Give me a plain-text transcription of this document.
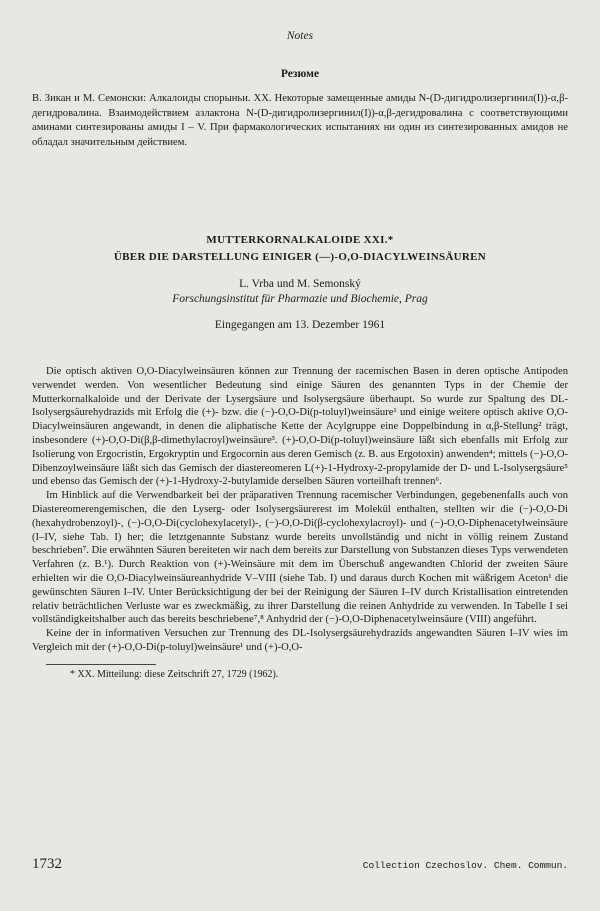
Notes
Резюме

В. Зикан и М. Семонски: Алкалоиды спорыньи. XX. Некоторые замещенные амиды N-(D-дигидролизергинил(I))-α,β-дегидровалина. Взаимодействием азлактона N-(D-дигидролизергинил(I))-α,β-дегидровалина с соответствующими аминами синтезированы амиды I – V. При фармакологических испытаниях ни один из синтезированных амидов не обладал значительным действием.

MUTTERKORNALKALOIDE XXI.*
ÜBER DIE DARSTELLUNG EINIGER (—)-O,O-DIACYLWEINSÄUREN
L. Vrba und M. Semonský
Forschungsinstitut für Pharmazie und Biochemie, Prag
Eingegangen am 13. Dezember 1961

Die optisch aktiven O,O-Diacylweinsäuren können zur Trennung der racemischen Basen in deren optische Antipoden verwendet werden. Von wesentlicher Bedeutung sind einige Säuren des genannten Typs in der Chemie der Mutterkornalkaloide und der Derivate der Lysergsäure und Isolysergsäure überhaupt. So wurde zur Spaltung des DL-Isolysergsäurehydrazids mit Erfolg die (+)- bzw. die (−)-O,O-Di(p-toluyl)weinsäure¹ und einige weitere optisch aktive O,O-Diacylweinsäuren angewandt, in denen die aliphatische Kette der Acylgruppe eine Doppelbindung in α,β-Stellung² trägt, insbesondere (+)-O,O-Di(β,β-dimethylacroyl)weinsäure³. (+)-O,O-Di(p-toluyl)weinsäure läßt sich ebenfalls mit Erfolg zur Isolierung von Ergocristin, Ergokryptin und Ergocornin aus deren Gemisch (z. B. aus Ergotoxin) anwenden⁴; mittels (−)-O,O-Dibenzoylweinsäure läßt sich das Gemisch der diastereomeren L(+)-1-Hydroxy-2-propylamide der D- und L-Isolysergsäure⁵ und ebenso das Gemisch der (+)-1-Hydroxy-2-butylamide derselben Säuren vorteilhaft trennen⁶.

Im Hinblick auf die Verwendbarkeit bei der präparativen Trennung racemischer Verbindungen, gegebenenfalls auch von Diastereomerengemischen, die den Lyserg- oder Isolysergsäurerest im Molekül enthalten, stellten wir die (−)-O,O-Di (hexahydrobenzoyl)-, (−)-O,O-Di(cyclohexylacetyl)-, (−)-O,O-Di(β-cyclohexylacroyl)- und (−)-O,O-Diphenacetylweinsäure (I–IV, siehe Tab. I) her; die letztgenannte Substanz wurde bereits unvollständig und nicht in völlig reinem Zustand beschrieben⁷. Die erwähnten Säuren bereiteten wir nach dem bereits zur Darstellung von Substanzen dieses Typs verwendeten Verfahren (z. B.¹). Durch Reaktion von (+)-Weinsäure mit dem im Überschuß angewandten Chlorid der zweiten Säure erhielten wir die O,O-Diacylweinsäureanhydride V–VIII (siehe Tab. I) und daraus durch Kochen mit wäßrigem Aceton¹ die gewünschten Säuren I–IV. Unter Berücksichtigung der bei der Reinigung der Säuren I–IV durch Kristallisation eintretenden relativ beträchtlichen Verluste war es zweckmäßig, zu ihrer Darstellung die reinen Anhydride zu verwenden. In Tabelle I sei vollständigkeitshalber auch das bereits beschriebene⁷,⁸ Anhydrid der (−)-O,O-Diphenacetylweinsäure (VIII) angeführt.

Keine der in informativen Versuchen zur Trennung des DL-Isolysergsäurehydrazids angewandten Säuren I–IV wies im Vergleich mit der (+)-O,O-Di(p-toluyl)weinsäure¹ und (+)-O,O-

* XX. Mitteilung: diese Zeitschrift 27, 1729 (1962).
1732	Collection Czechoslov. Chem. Commun.
